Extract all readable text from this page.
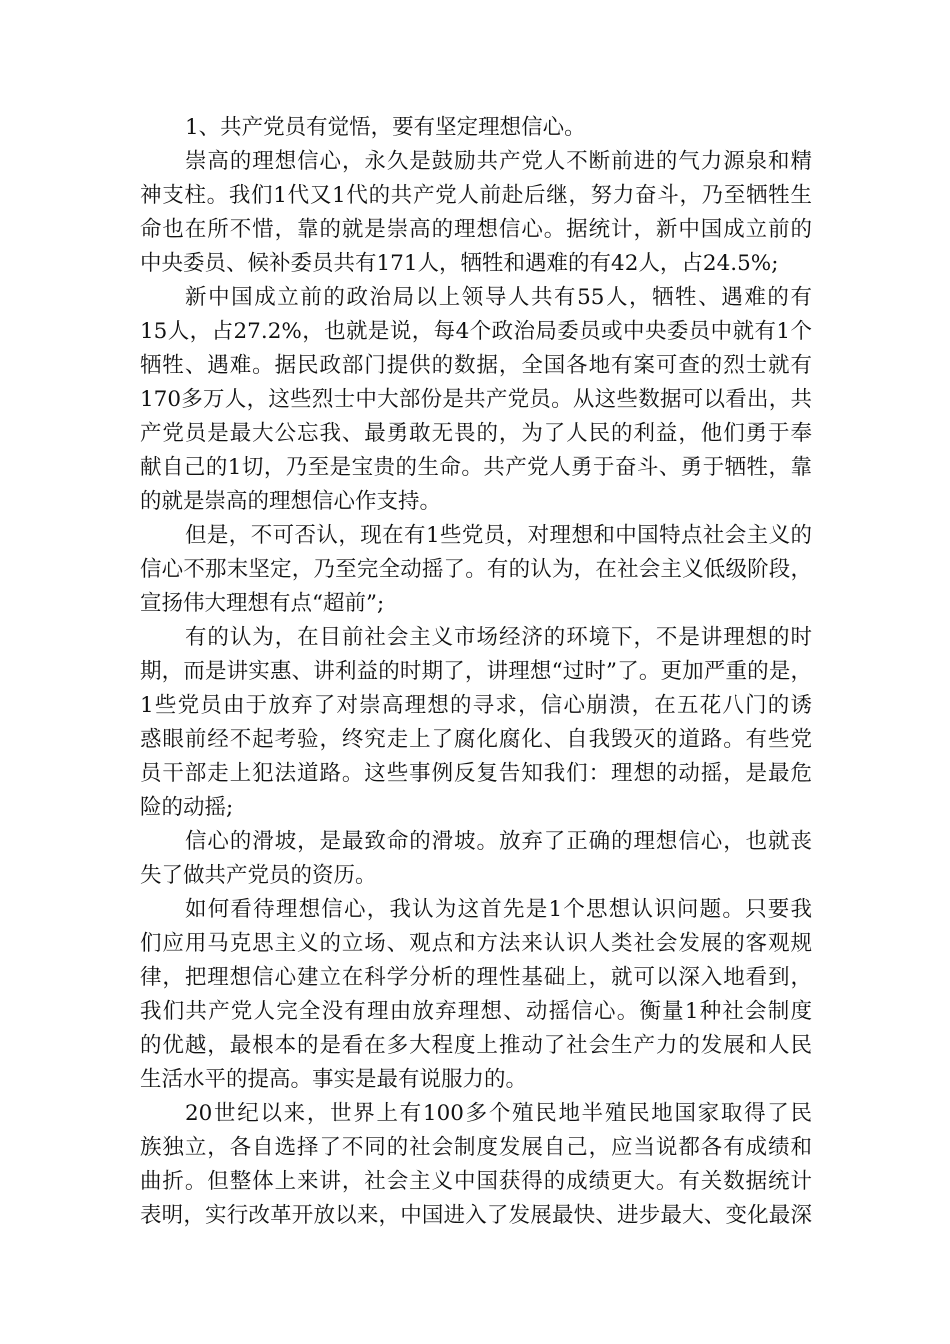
1、共产党员有觉悟，要有坚定理想信心。
崇高的理想信心，永久是鼓励共产党人不断前进的气力源泉和精
神支柱。我们1代又1代的共产党人前赴后继，努力奋斗，乃至牺牲生
命也在所不惜，靠的就是崇高的理想信心。据统计，新中国成立前的
中央委员、候补委员共有171人，牺牲和遇难的有42人，占24.5%;
新中国成立前的政治局以上领导人共有55人，牺牲、遇难的有
15人，占27.2%，也就是说，每4个政治局委员或中央委员中就有1个
牺牲、遇难。据民政部门提供的数据，全国各地有案可查的烈士就有
170多万人，这些烈士中大部份是共产党员。从这些数据可以看出，共
产党员是最大公忘我、最勇敢无畏的，为了人民的利益，他们勇于奉
献自己的1切，乃至是宝贵的生命。共产党人勇于奋斗、勇于牺牲，靠
的就是崇高的理想信心作支持。
但是，不可否认，现在有1些党员，对理想和中国特点社会主义的
信心不那末坚定，乃至完全动摇了。有的认为，在社会主义低级阶段，
宣扬伟大理想有点“超前”;
有的认为，在目前社会主义市场经济的环境下，不是讲理想的时
期，而是讲实惠、讲利益的时期了，讲理想“过时”了。更加严重的是，
1些党员由于放弃了对崇高理想的寻求，信心崩溃，在五花八门的诱
惑眼前经不起考验，终究走上了腐化腐化、自我毁灭的道路。有些党
员干部走上犯法道路。这些事例反复告知我们：理想的动摇，是最危
险的动摇;
信心的滑坡，是最致命的滑坡。放弃了正确的理想信心，也就丧
失了做共产党员的资历。
如何看待理想信心，我认为这首先是1个思想认识问题。只要我
们应用马克思主义的立场、观点和方法来认识人类社会发展的客观规
律，把理想信心建立在科学分析的理性基础上，就可以深入地看到，
我们共产党人完全没有理由放弃理想、动摇信心。衡量1种社会制度
的优越，最根本的是看在多大程度上推动了社会生产力的发展和人民
生活水平的提高。事实是最有说服力的。
20世纪以来，世界上有100多个殖民地半殖民地国家取得了民
族独立，各自选择了不同的社会制度发展自己，应当说都各有成绩和
曲折。但整体上来讲，社会主义中国获得的成绩更大。有关数据统计
表明，实行改革开放以来，中国进入了发展最快、进步最大、变化最深
